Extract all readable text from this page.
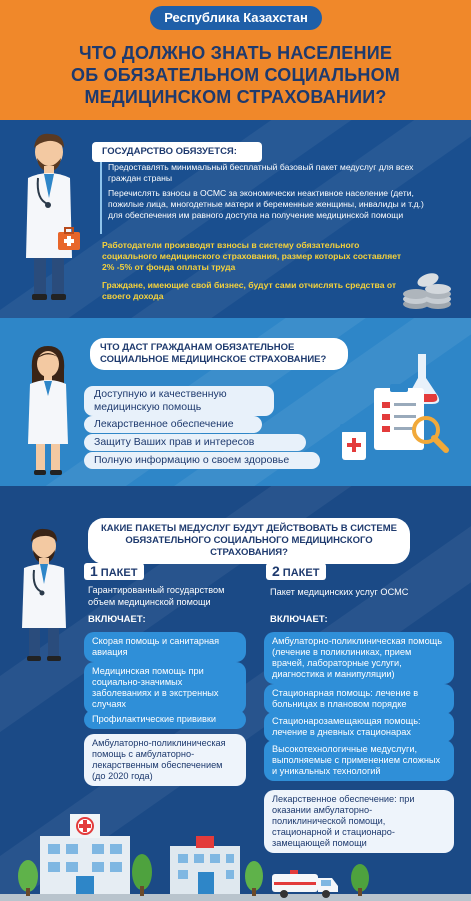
Республика Казахстан
ЧТО ДОЛЖНО ЗНАТЬ НАСЕЛЕНИЕ
ОБ ОБЯЗАТЕЛЬНОМ СОЦИАЛЬНОМ
МЕДИЦИНСКОМ СТРАХОВАНИИ?
ГОСУДАРСТВО ОБЯЗУЕТСЯ:
Предоставлять минимальный бесплатный базовый пакет медуслуг для всех граждан страны
Перечислять взносы в ОСМС за экономически неактивное население (дети, пожилые лица, многодетные матери и беременные женщины, инвалиды и т.д.) для обеспечения им равного доступа на получение медицинской помощи
Работодатели производят взносы в систему обязательного социального медицинского страхования, размер которых составляет
2% -5% от фонда оплаты труда
Граждане, имеющие свой бизнес, будут сами отчислять средства от своего дохода
ЧТО ДАСТ ГРАЖДАНАМ ОБЯЗАТЕЛЬНОЕ СОЦИАЛЬНОЕ МЕДИЦИНСКОЕ СТРАХОВАНИЕ?
Доступную и качественную медицинскую помощь
Лекарственное обеспечение
Защиту Ваших прав и интересов
Полную информацию о своем здоровье
КАКИЕ ПАКЕТЫ МЕДУСЛУГ БУДУТ ДЕЙСТВОВАТЬ В СИСТЕМЕ ОБЯЗАТЕЛЬНОГО СОЦИАЛЬНОГО МЕДИЦИНСКОГО СТРАХОВАНИЯ?
1 ПАКЕТ
Гарантированный государством объем медицинской помощи
ВКЛЮЧАЕТ:
Скорая помощь и санитарная авиация
Медицинская помощь при социально-значимых заболеваниях и в экстренных случаях
Профилактические прививки
Амбулаторно-поликлиническая помощь с амбулаторно-лекарственным обеспечением (до 2020 года)
2 ПАКЕТ
Пакет медицинских услуг ОСМС
ВКЛЮЧАЕТ:
Амбулаторно-поликлиническая помощь (лечение в поликлиниках, прием врачей, лабораторные услуги, диагностика и манипуляции)
Стационарная помощь: лечение в больницах в плановом порядке
Стационарозамещающая помощь: лечение в дневных стационарах
Высокотехнологичные медуслуги, выполняемые с применением сложных и уникальных технологий
Лекарственное обеспечение: при оказании амбулаторно-поликлинической помощи, стационарной и стационаро-замещающей помощи
